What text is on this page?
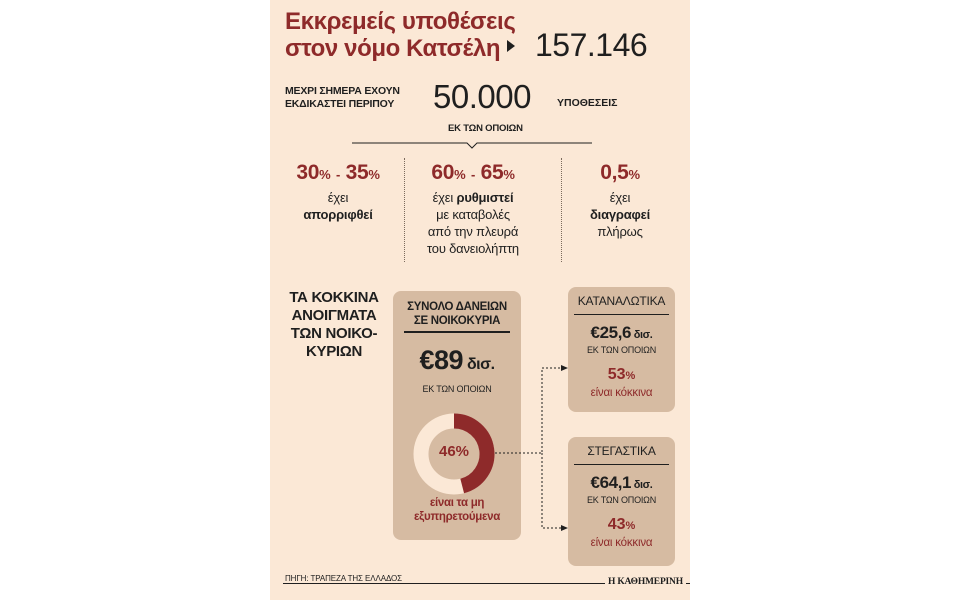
Εκκρεμείς υποθέσεις
στον νόμο Κατσέλη	157.146
ΜΕΧΡΙ ΣΗΜΕΡΑ ΕΧΟΥΝ
ΕΚΔΙΚΑΣΤΕΙ ΠΕΡΙΠΟΥ	50.000 ΥΠΟΘΕΣΕΙΣ
ΕΚ ΤΩΝ ΟΠΟΙΩΝ
30% - 35%
έχει
απορριφθεί
60% - 65%
έχει ρυθμιστεί
με καταβολές
από την πλευρά
του δανειολήπτη
0,5%
έχει
διαγραφεί
πλήρως
ΤΑ ΚΟΚΚΙΝΑ
ΑΝΟΙΓΜΑΤΑ
ΤΩΝ ΝΟΙΚΟ-
ΚΥΡΙΩΝ
ΣΥΝΟΛΟ ΔΑΝΕΙΩΝ
ΣΕ ΝΟΙΚΟΚΥΡΙΑ
€89 δισ.
ΕΚ ΤΩΝ ΟΠΟΙΩΝ
46%
είναι τα μη
εξυπηρετούμενα
ΚΑΤΑΝΑΛΩΤΙΚΑ
€25,6 δισ.
ΕΚ ΤΩΝ ΟΠΟΙΩΝ
53%
είναι κόκκινα
ΣΤΕΓΑΣΤΙΚΑ
€64,1 δισ.
ΕΚ ΤΩΝ ΟΠΟΙΩΝ
43%
είναι κόκκινα
ΠΗΓΗ: ΤΡΑΠΕΖΑ ΤΗΣ ΕΛΛΑΔΟΣ	Η ΚΑΘΗΜΕΡΙΝΗ
